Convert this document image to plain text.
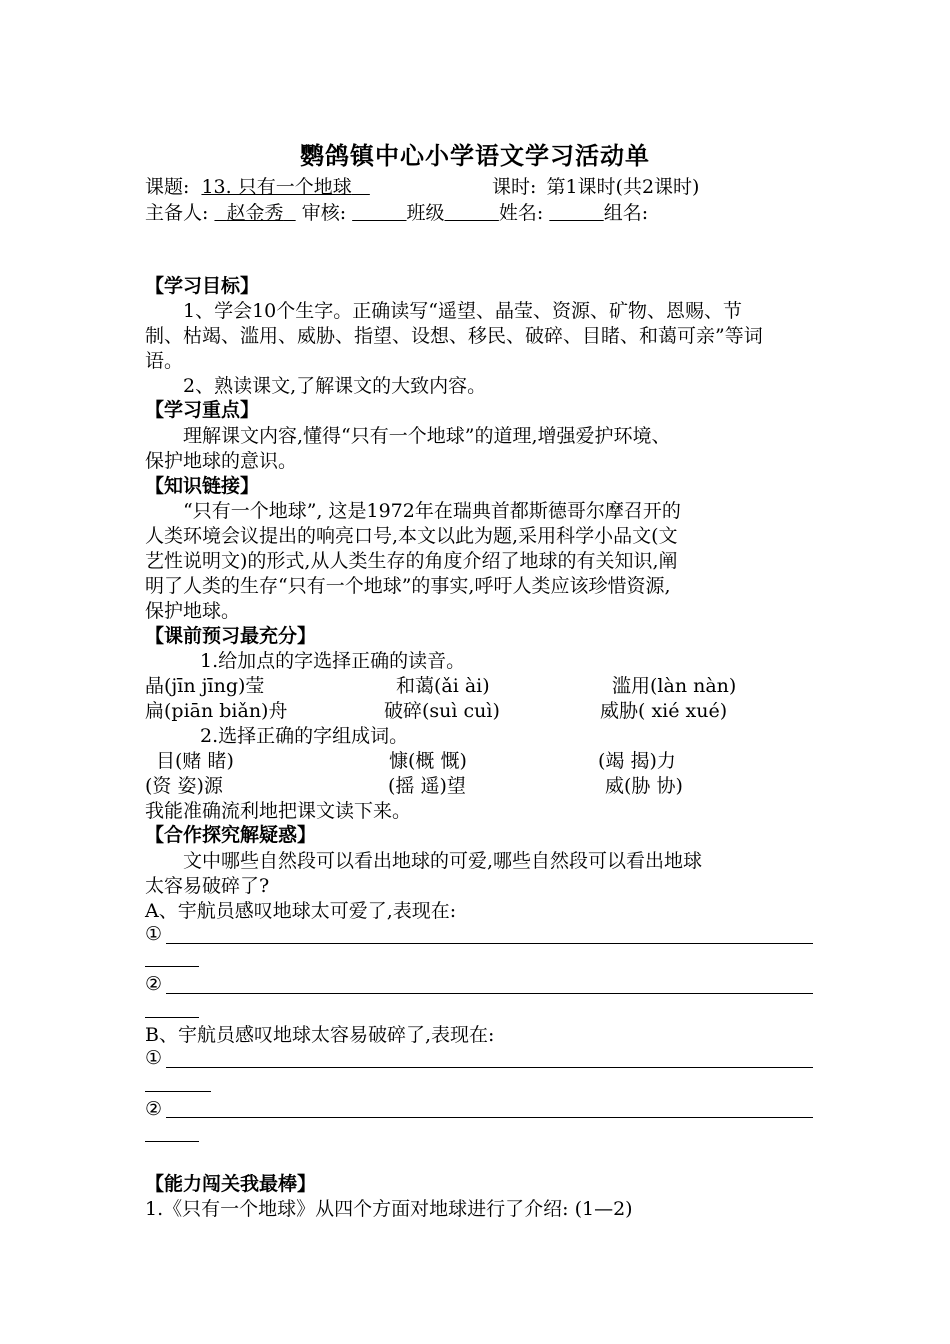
鹦鸽镇中心小学语文学习活动单
课题: 13. 只有一个地球	课时: 第1课时(共2课时)
主备人: 赵金秀 审核:	班级	姓名:	组名:
【学习目标】
1、学会10个生字。正确读写“遥望、晶莹、资源、矿物、恩赐、节
制、枯竭、滥用、威胁、指望、设想、移民、破碎、目睹、和蔼可亲”等词
语。
2、熟读课文,了解课文的大致内容。
【学习重点】
理解课文内容,懂得“只有一个地球”的道理,增强爱护环境、
保护地球的意识。
【知识链接】
“只有一个地球”, 这是1972年在瑞典首都斯德哥尔摩召开的
人类环境会议提出的响亮口号,本文以此为题,采用科学小品文(文
艺性说明文)的形式,从人类生存的角度介绍了地球的有关知识,阐
明了人类的生存“只有一个地球”的事实,呼吁人类应该珍惜资源,
保护地球。
【课前预习最充分】
1.给加点的字选择正确的读音。
晶(jīn jīng)莹	和蔼(ǎi ài)	滥用(làn nàn)
扁(piān biǎn)舟	破碎(suì cuì)	威胁( xié xué)
2.选择正确的字组成词。
目(赌 睹)	慷(概 慨)	(竭 揭)力
(资 姿)源	(摇 遥)望	威(胁 协)
我能准确流利地把课文读下来。
【合作探究解疑惑】
文中哪些自然段可以看出地球的可爱,哪些自然段可以看出地球
太容易破碎了?
A、宇航员感叹地球太可爱了,表现在:
①
②
B、宇航员感叹地球太容易破碎了,表现在:
①
②
【能力闯关我最棒】
1.《只有一个地球》从四个方面对地球进行了介绍: (1—2)
